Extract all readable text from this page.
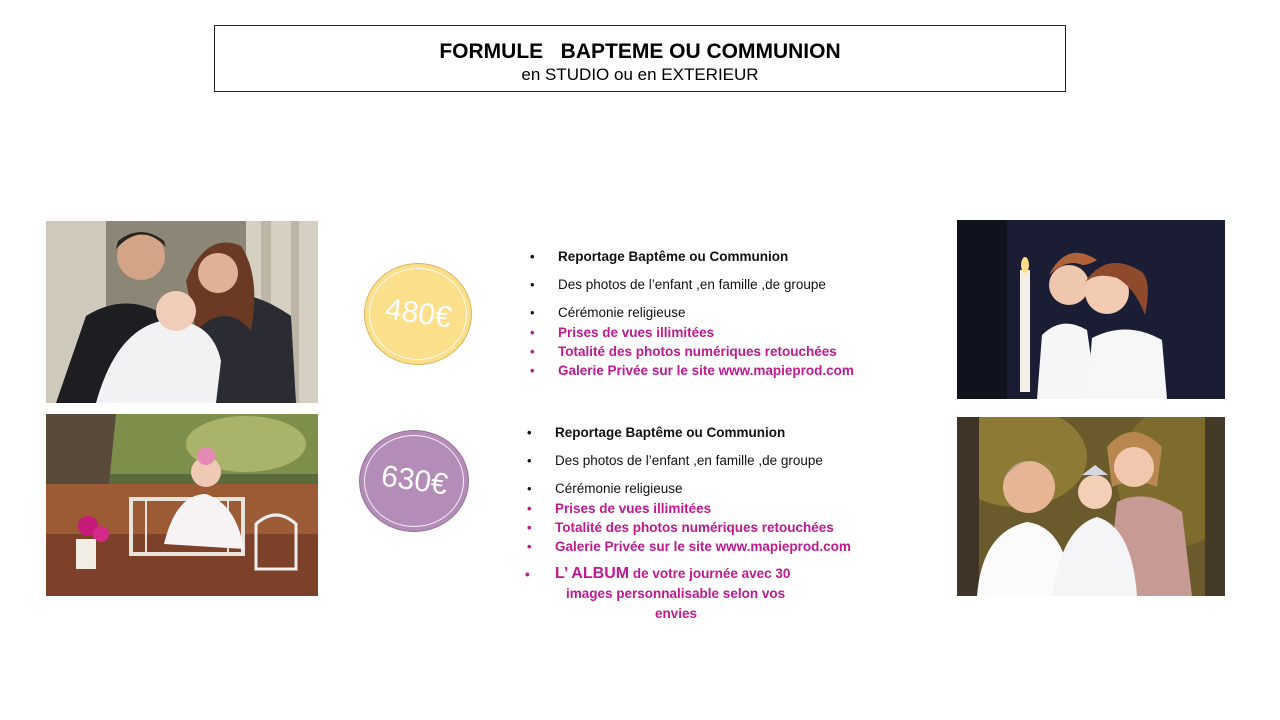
FORMULE   BAPTEME OU COMMUNION
en STUDIO ou en EXTERIEUR
480€
630€
• Reportage Baptême ou Communion
• Des photos de l’enfant ,en famille ,de groupe
• Cérémonie religieuse
• Prises de vues illimitées
• Totalité des photos numériques retouchées
• Galerie Privée sur le site www.mapieprod.com
• Reportage Baptême ou Communion
• Des photos de l’enfant ,en famille ,de groupe
• Cérémonie religieuse
• Prises de vues illimitées
• Totalité des photos numériques retouchées
• Galerie Privée sur le site www.mapieprod.com
• L’ ALBUM de votre journée avec 30
images personnalisable selon vos
envies
